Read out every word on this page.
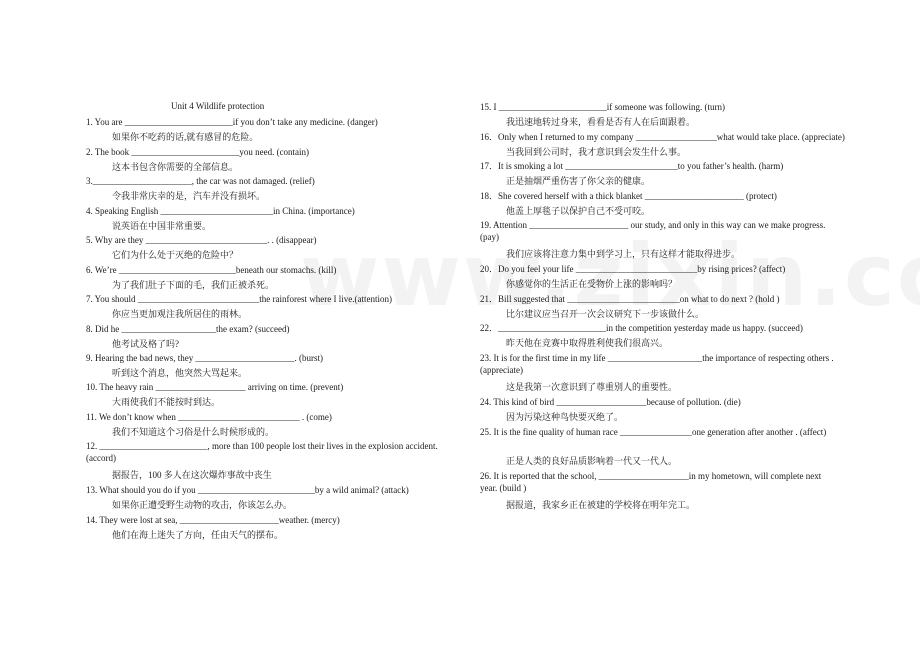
Unit 4 Wildlife protection
1. You are ________________________if you don’t take any medicine. (danger)
如果你不吃药的话,就有感冒的危险。
2. The book ________________________you need. (contain)
这本书包含你需要的全部信息。
3.______________________, the car was not damaged. (relief)
令我非常庆幸的是，汽车并没有损坏。
4. Speaking English _________________________in China. (importance)
说英语在中国非常重要。
5. Why are they ___________________________. . (disappear)
它们为什么处于灭绝的危险中？
6. We’re __________________________beneath our stomachs. (kill)
为了我们肚子下面的毛，我们正被杀死。
7. You should ___________________________the rainforest where I live.(attention)
你应当更加观注我所居住的雨林。
8. Did he _____________________the exam? (succeed)
他考试及格了吗?
9. Hearing the bad news, they ______________________. (burst)
听到这个消息，他突然大骂起来。
10. The heavy rain ____________________ arriving on time. (prevent)
大雨使我们不能按时到达。
11. We don’t know when ___________________________ . (come)
我们不知道这个习俗是什么时候形成的。
12. ________________________, more than 100 people lost their lives in the explosion accident. (accord)
据报告，100 多人在这次爆炸事故中丧生
13. What should you do if you __________________________by a wild animal? (attack)
如果你正遭受野生动物的攻击，你该怎么办。
14. They were lost at sea, ______________________weather. (mercy)
他们在海上迷失了方向，任由天气的摆布。
15. I ________________________if someone was following. (turn)
我迅速地转过身来，看看是否有人在后面跟着。
16．Only when I returned to my company __________________what would take place. (appreciate)
当我回到公司时，我才意识到会发生什么事。
17．It is smoking a lot _________________________to you father’s health. (harm)
正是抽烟严重伤害了你父亲的健康。
18．She covered herself with a thick blanket ______________________ (protect)
他盖上厚毯子以保护自己不受可咬。
19. Attention ______________________ our study, and only in this way can we make progress.(pay)
我们应该将注意力集中到学习上，只有这样才能取得进步。
20．Do you feel your life ___________________________by rising prices? (affect)
你感觉你的生活正在受物价上涨的影响吗？
21．Bill suggested that _________________________on what to do next ? (hold )
比尔建议应当召开一次会议研究下一步该做什么。
22．________________________in the competition yesterday made us happy. (succeed)
昨天他在竞赛中取得胜利使我们很高兴。
23. It is for the first time in my life _____________________the importance of respecting others . (appreciate)
这是我第一次意识到了尊重别人的重要性。
24. This kind of bird ____________________because of pollution. (die)
因为污染这种鸟快要灭绝了。
25. It is the fine quality of human race ________________one generation after another . (affect)
正是人类的良好品质影响着一代又一代人。
26. It is reported that the school, ____________________in my hometown, will complete next year. (build )
据报道，我家乡正在被建的学校将在明年完工。
